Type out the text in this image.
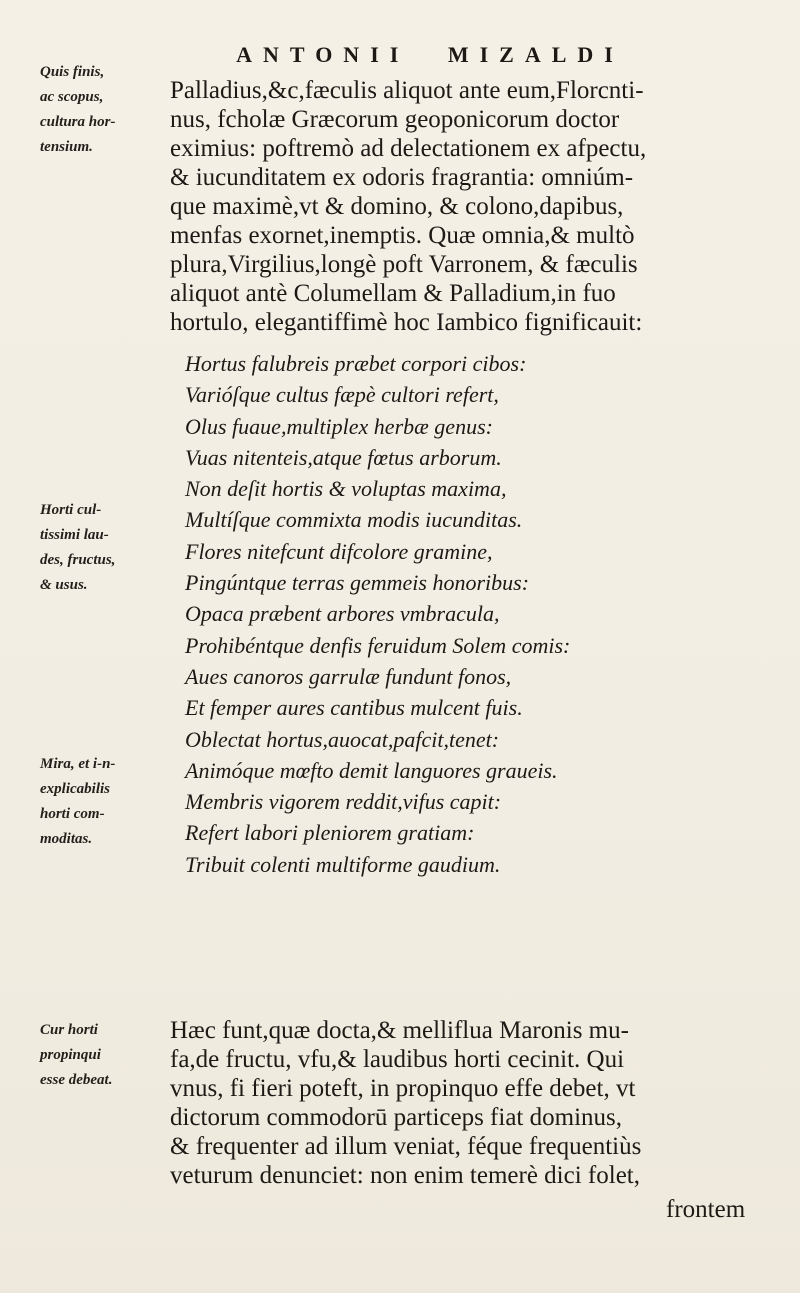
ANTONII MIZALDI
Quis finis,
ac scopus,
cultura hor-
tensium.
Horti cul-
tissimi lau-
des, fructus,
& usus.
Mira, et i-n-
explicabilis
horti com-
moditas.
Cur horti
propinqui
esse debeat.
Palladius,&c,fæculis aliquot ante eum,Florcnti-
nus, fcholæ Græcorum geoponicorum doctor
eximius: poftremò ad delectationem ex afpectu,
& iucunditatem ex odoris fragrantia: omniúm-
que maximè,vt & domino, & colono,dapibus,
menfas exornet,inemptis. Quæ omnia,& multò
plura,Virgilius,longè poft Varronem, & fæculis
aliquot antè Columellam & Palladium,in fuo
hortulo, elegantiffimè hoc Iambico fignificauit:
Hortus falubreis præbet corpori cibos:
Varióſque cultus fæpè cultori refert,
Olus fuaue,multiplex herbæ genus:
Vuas nitenteis,atque fœtus arborum.
Non deſit hortis & voluptas maxima,
Multíſque commixta modis iucunditas.
Flores nitefcunt difcolore gramine,
Pingúntque terras gemmeis honoribus:
Opaca præbent arbores vmbracula,
Prohibéntque denfis feruidum Solem comis:
Aues canoros garrulæ fundunt fonos,
Et femper aures cantibus mulcent fuis.
Oblectat hortus,auocat,pafcit,tenet:
Animóque mœfto demit languores graueis.
Membris vigorem reddit,vifus capit:
Refert labori pleniorem gratiam:
Tribuit colenti multiforme gaudium.
Hæc funt,quæ docta,& melliflua Maronis mu-
fa,de fructu, vfu,& laudibus horti cecinit. Qui
vnus, fi fieri poteft, in propinquo effe debet, vt
dictorum commodorū particeps fiat dominus,
& frequenter ad illum veniat, féque frequentiùs
veturum denunciet: non enim temerè dici folet,
frontem
